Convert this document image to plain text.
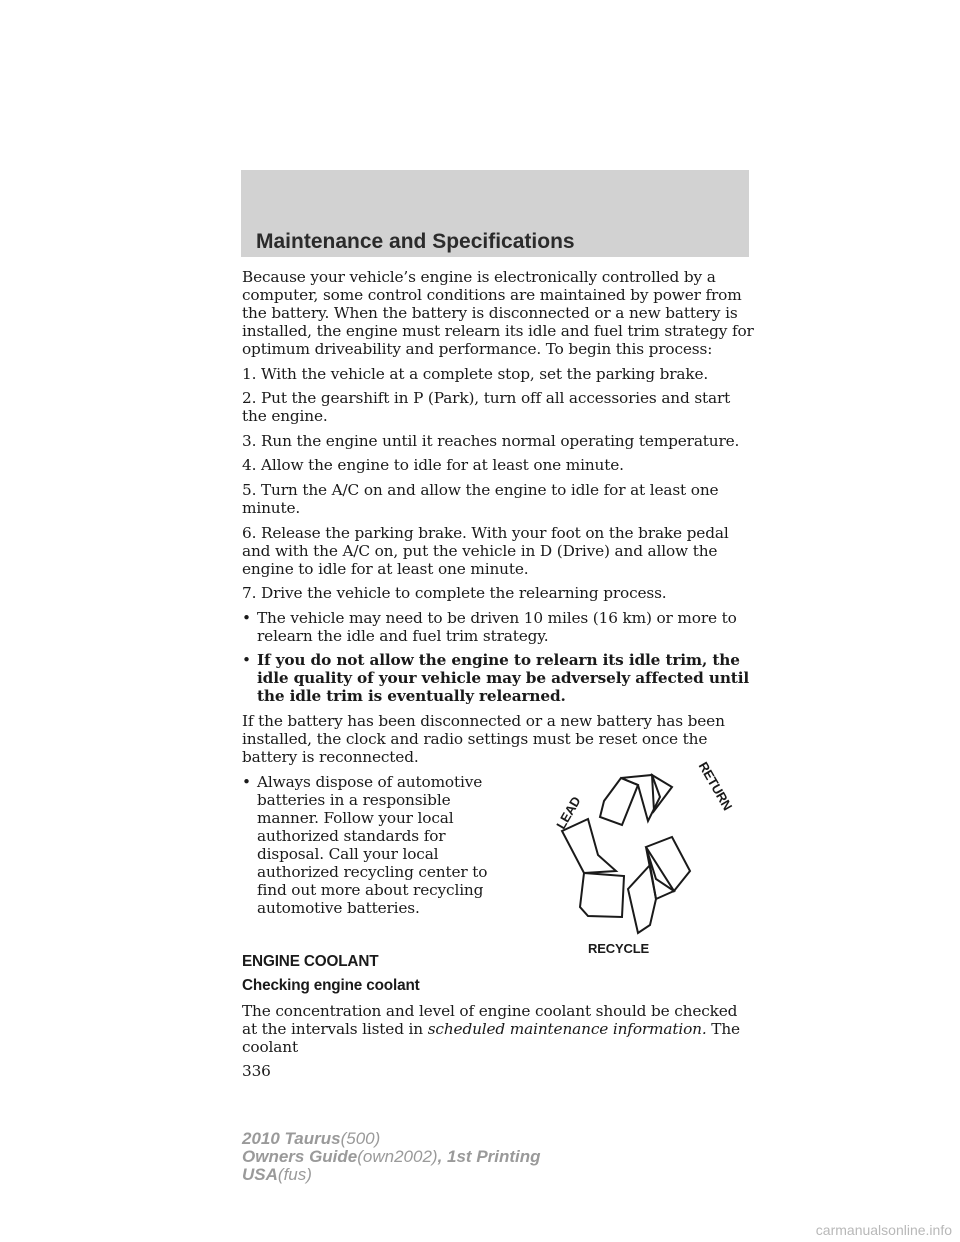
Maintenance and Specifications

Because your vehicle’s engine is electronically controlled by a computer, some control conditions are maintained by power from the battery. When the battery is disconnected or a new battery is installed, the engine must relearn its idle and fuel trim strategy for optimum driveability and performance. To begin this process:

1. With the vehicle at a complete stop, set the parking brake.

2. Put the gearshift in P (Park), turn off all accessories and start the engine.

3. Run the engine until it reaches normal operating temperature.

4. Allow the engine to idle for at least one minute.

5. Turn the A/C on and allow the engine to idle for at least one minute.

6. Release the parking brake. With your foot on the brake pedal and with the A/C on, put the vehicle in D (Drive) and allow the engine to idle for at least one minute.

7. Drive the vehicle to complete the relearning process.

• The vehicle may need to be driven 10 miles (16 km) or more to relearn the idle and fuel trim strategy.
• If you do not allow the engine to relearn its idle trim, the idle quality of your vehicle may be adversely affected until the idle trim is eventually relearned.

If the battery has been disconnected or a new battery has been installed, the clock and radio settings must be reset once the battery is reconnected.

• Always dispose of automotive batteries in a responsible manner. Follow your local authorized standards for disposal. Call your local authorized recycling center to find out more about recycling automotive batteries.
LEAD	RETURN
RECYCLE

ENGINE COOLANT

Checking engine coolant

The concentration and level of engine coolant should be checked at the intervals listed in scheduled maintenance information. The coolant

336

2010 Taurus(500)
Owners Guide(own2002), 1st Printing
USA(fus)
carmanualsonline.info
